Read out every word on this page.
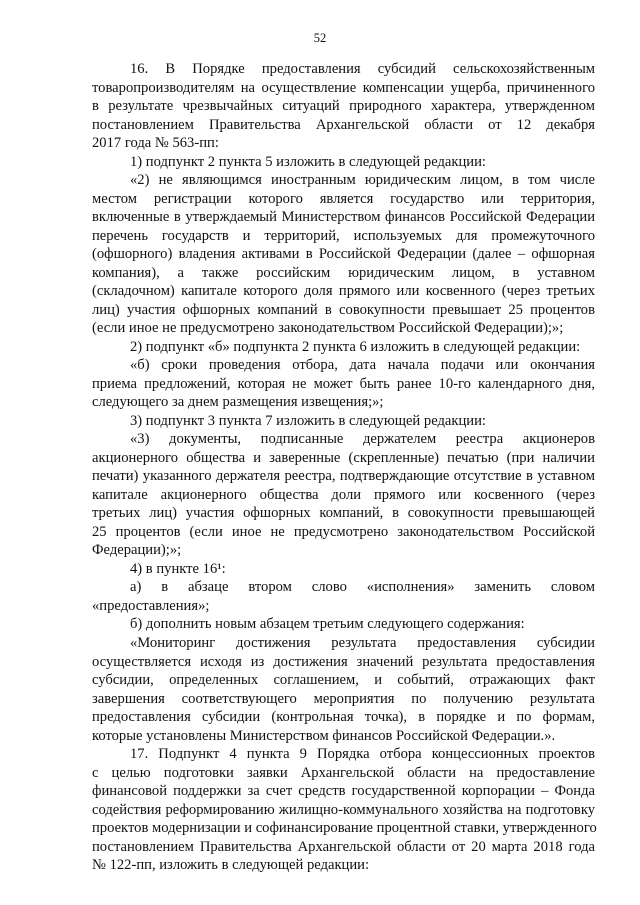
52
16. В Порядке предоставления субсидий сельскохозяйственным
товаропроизводителям на осуществление компенсации ущерба, причиненного
в результате чрезвычайных ситуаций природного характера, утвержденном
постановлением Правительства Архангельской области от 12 декабря
2017 года № 563-пп:
1) подпункт 2 пункта 5 изложить в следующей редакции:
«2) не являющимся иностранным юридическим лицом, в том числе
местом регистрации которого является государство или территория,
включенные в утверждаемый Министерством финансов Российской Федерации
перечень государств и территорий, используемых для промежуточного
(офшорного) владения активами в Российской Федерации (далее – офшорная
компания), а также российским юридическим лицом, в уставном
(складочном) капитале которого доля прямого или косвенного (через третьих
лиц) участия офшорных компаний в совокупности превышает 25 процентов
(если иное не предусмотрено законодательством Российской Федерации);»;
2) подпункт «б» подпункта 2 пункта 6 изложить в следующей редакции:
«б) сроки проведения отбора, дата начала подачи или окончания
приема предложений, которая не может быть ранее 10-го календарного дня,
следующего за днем размещения извещения;»;
3) подпункт 3 пункта 7 изложить в следующей редакции:
«3) документы, подписанные держателем реестра акционеров
акционерного общества и заверенные (скрепленные) печатью (при наличии
печати) указанного держателя реестра, подтверждающие отсутствие в уставном
капитале акционерного общества доли прямого или косвенного (через
третьих лиц) участия офшорных компаний, в совокупности превышающей
25 процентов (если иное не предусмотрено законодательством Российской
Федерации);»;
4) в пункте 16¹:
а) в абзаце втором слово «исполнения» заменить словом
«предоставления»;
б) дополнить новым абзацем третьим следующего содержания:
«Мониторинг достижения результата предоставления субсидии
осуществляется исходя из достижения значений результата предоставления
субсидии, определенных соглашением, и событий, отражающих факт
завершения соответствующего мероприятия по получению результата
предоставления субсидии (контрольная точка), в порядке и по формам,
которые установлены Министерством финансов Российской Федерации.».
17. Подпункт 4 пункта 9 Порядка отбора концессионных проектов
с целью подготовки заявки Архангельской области на предоставление
финансовой поддержки за счет средств государственной корпорации – Фонда
содействия реформированию жилищно-коммунального хозяйства на подготовку
проектов модернизации и софинансирование процентной ставки, утвержденного
постановлением Правительства Архангельской области от 20 марта 2018 года
№ 122-пп, изложить в следующей редакции:
